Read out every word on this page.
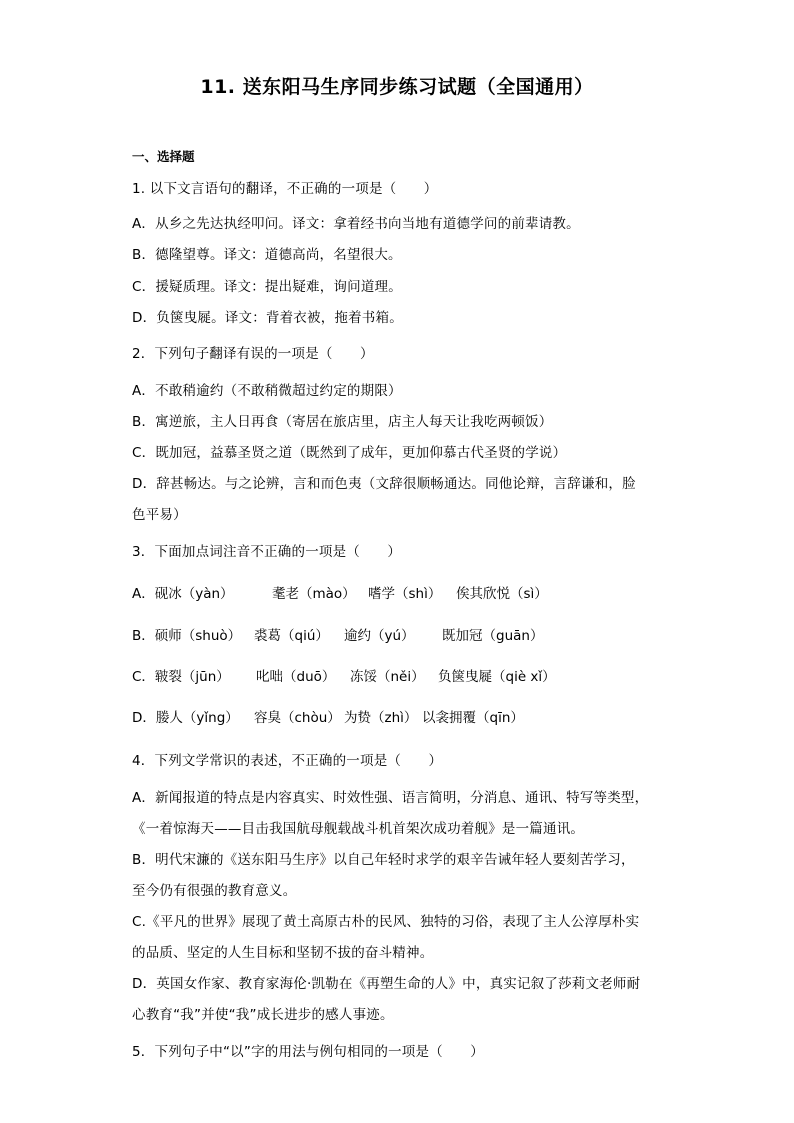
11. 送东阳马生序同步练习试题（全国通用）
一、选择题
1. 以下文言语句的翻译，不正确的一项是（　　）
A．从乡之先达执经叩问。译文：拿着经书向当地有道德学问的前辈请教。
B．德隆望尊。译文：道德高尚，名望很大。
C．援疑质理。译文：提出疑难，询问道理。
D．负箧曳屣。译文：背着衣被，拖着书箱。
2．下列句子翻译有误的一项是（　　）
A．不敢稍逾约（不敢稍微超过约定的期限）
B．寓逆旅，主人日再食（寄居在旅店里，店主人每天让我吃两顿饭）
C．既加冠，益慕圣贤之道（既然到了成年，更加仰慕古代圣贤的学说）
D．辞甚畅达。与之论辨，言和而色夷（文辞很顺畅通达。同他论辩，言辞谦和，脸
色平易）
3．下面加点词注音不正确的一项是（　　）
A．砚冰（yàn）	耄老（mào） 嗜学（shì） 俟其欣悦（sì）
B．硕师（shuò） 裘葛（qiú） 逾约（yú） 既加冠（guān）
C．皲裂（jūn） 叱咄（duō） 冻馁（něi） 负箧曳屣（qiè xǐ）
D．媵人（yǐng） 容臭（chòu） 为贽（zhì） 以衾拥覆（qīn）
4．下列文学常识的表述，不正确的一项是（　　）
A．新闻报道的特点是内容真实、时效性强、语言简明，分消息、通讯、特写等类型，
《一着惊海天——目击我国航母舰载战斗机首架次成功着舰》是一篇通讯。
B．明代宋濂的《送东阳马生序》以自己年轻时求学的艰辛告诫年轻人要刻苦学习，
至今仍有很强的教育意义。
C.《平凡的世界》展现了黄土高原古朴的民风、独特的习俗，表现了主人公淳厚朴实
的品质、坚定的人生目标和坚韧不拔的奋斗精神。
D．英国女作家、教育家海伦·凯勒在《再塑生命的人》中，真实记叙了莎莉文老师耐
心教育“我”并使“我”成长进步的感人事迹。
5．下列句子中“以”字的用法与例句相同的一项是（　　）
